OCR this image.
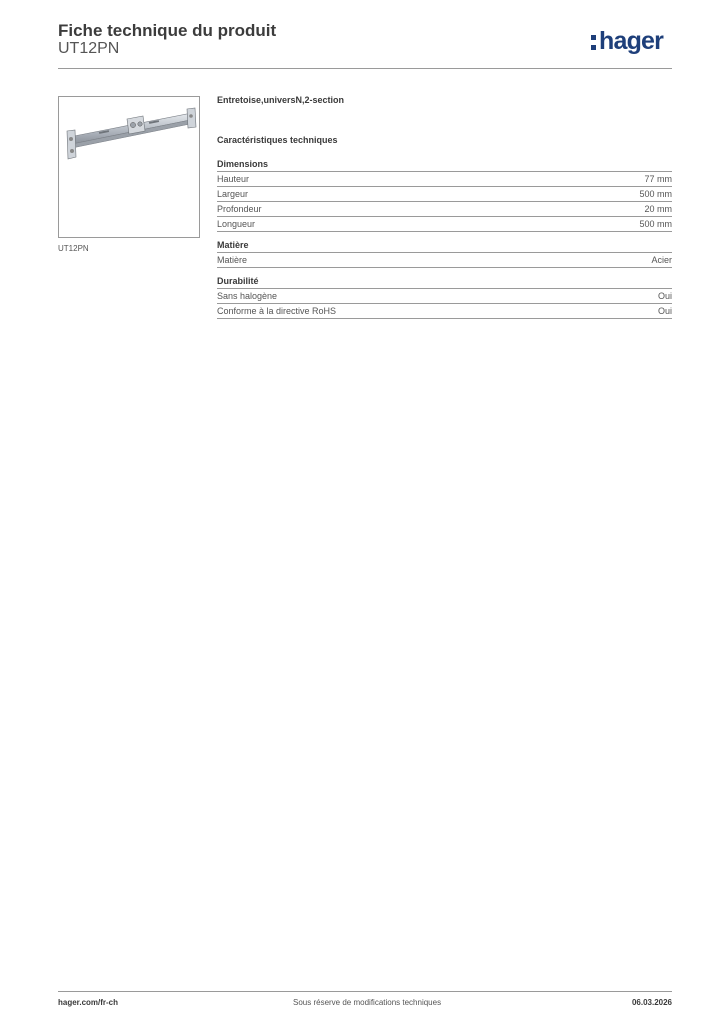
Fiche technique du produit
UT12PN	hager
UT12PN
Entretoise,universN,2-section
Caractéristiques techniques
Dimensions
Hauteur	77 mm
Largeur	500 mm
Profondeur	20 mm
Longueur	500 mm
Matière
Matière	Acier
Durabilité
Sans halogène	Oui
Conforme à la directive RoHS	Oui
hager.com/fr-ch	Sous réserve de modifications techniques	06.03.2026
